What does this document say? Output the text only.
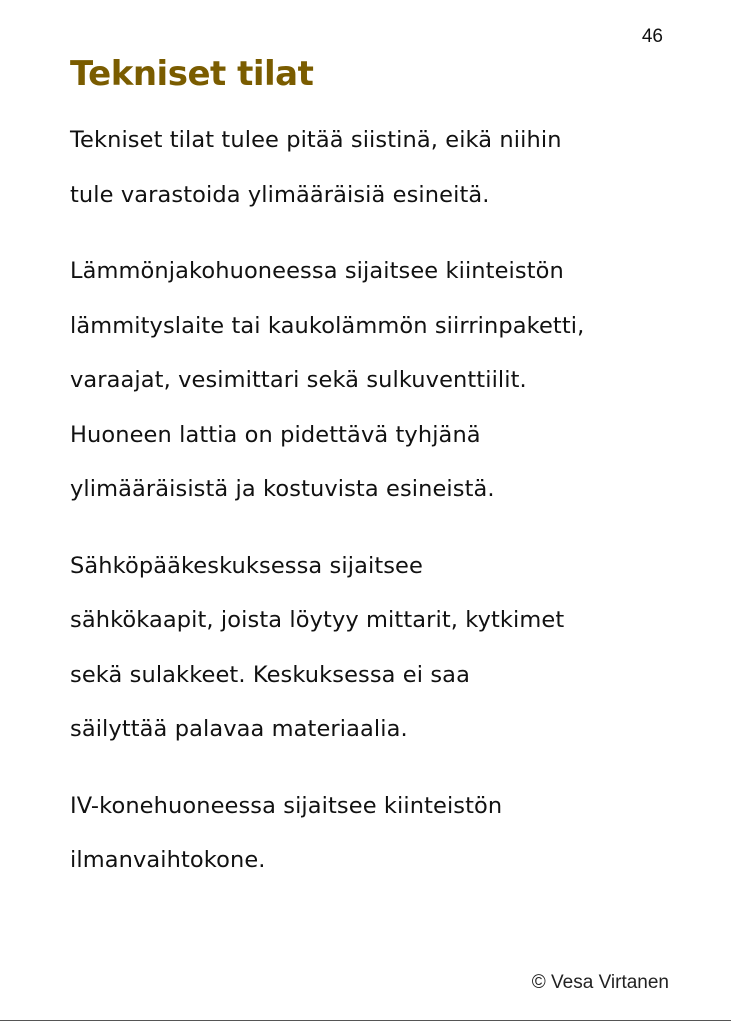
46
Tekniset tilat
Tekniset tilat tulee pitää siistinä, eikä niihin
tule varastoida ylimääräisiä esineitä.
Lämmönjakohuoneessa sijaitsee kiinteistön
lämmityslaite tai kaukolämmön siirrinpaketti,
varaajat, vesimittari sekä sulkuventtiilit.
Huoneen lattia on pidettävä tyhjänä
ylimääräisistä ja kostuvista esineistä.
Sähköpääkeskuksessa sijaitsee
sähkökaapit, joista löytyy mittarit, kytkimet
sekä sulakkeet. Keskuksessa ei saa
säilyttää palavaa materiaalia.
IV-konehuoneessa sijaitsee kiinteistön
ilmanvaihtokone.
© Vesa Virtanen
